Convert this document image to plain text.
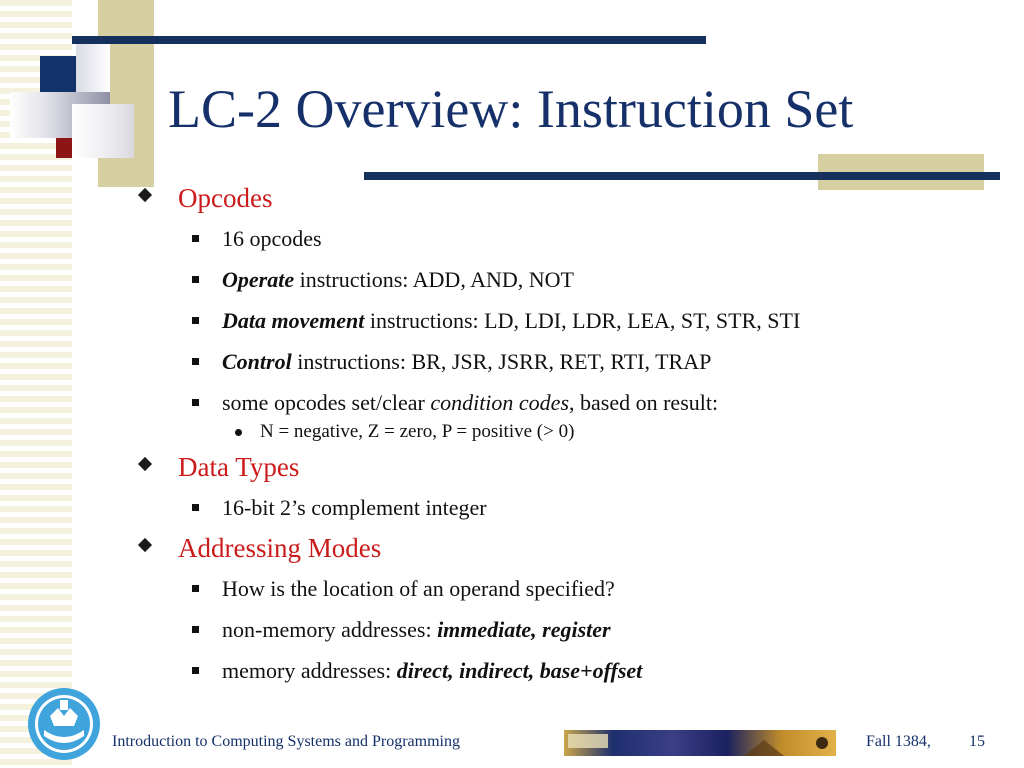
LC-2 Overview: Instruction Set
Opcodes
16 opcodes
Operate instructions: ADD, AND, NOT
Data movement instructions: LD, LDI, LDR, LEA, ST, STR, STI
Control instructions: BR, JSR, JSRR, RET, RTI, TRAP
some opcodes set/clear condition codes, based on result:
N = negative, Z = zero, P = positive (> 0)
Data Types
16-bit 2’s complement integer
Addressing Modes
How is the location of an operand specified?
non-memory addresses: immediate, register
memory addresses: direct, indirect, base+offset
Introduction to Computing Systems and Programming	Fall 1384, 15
